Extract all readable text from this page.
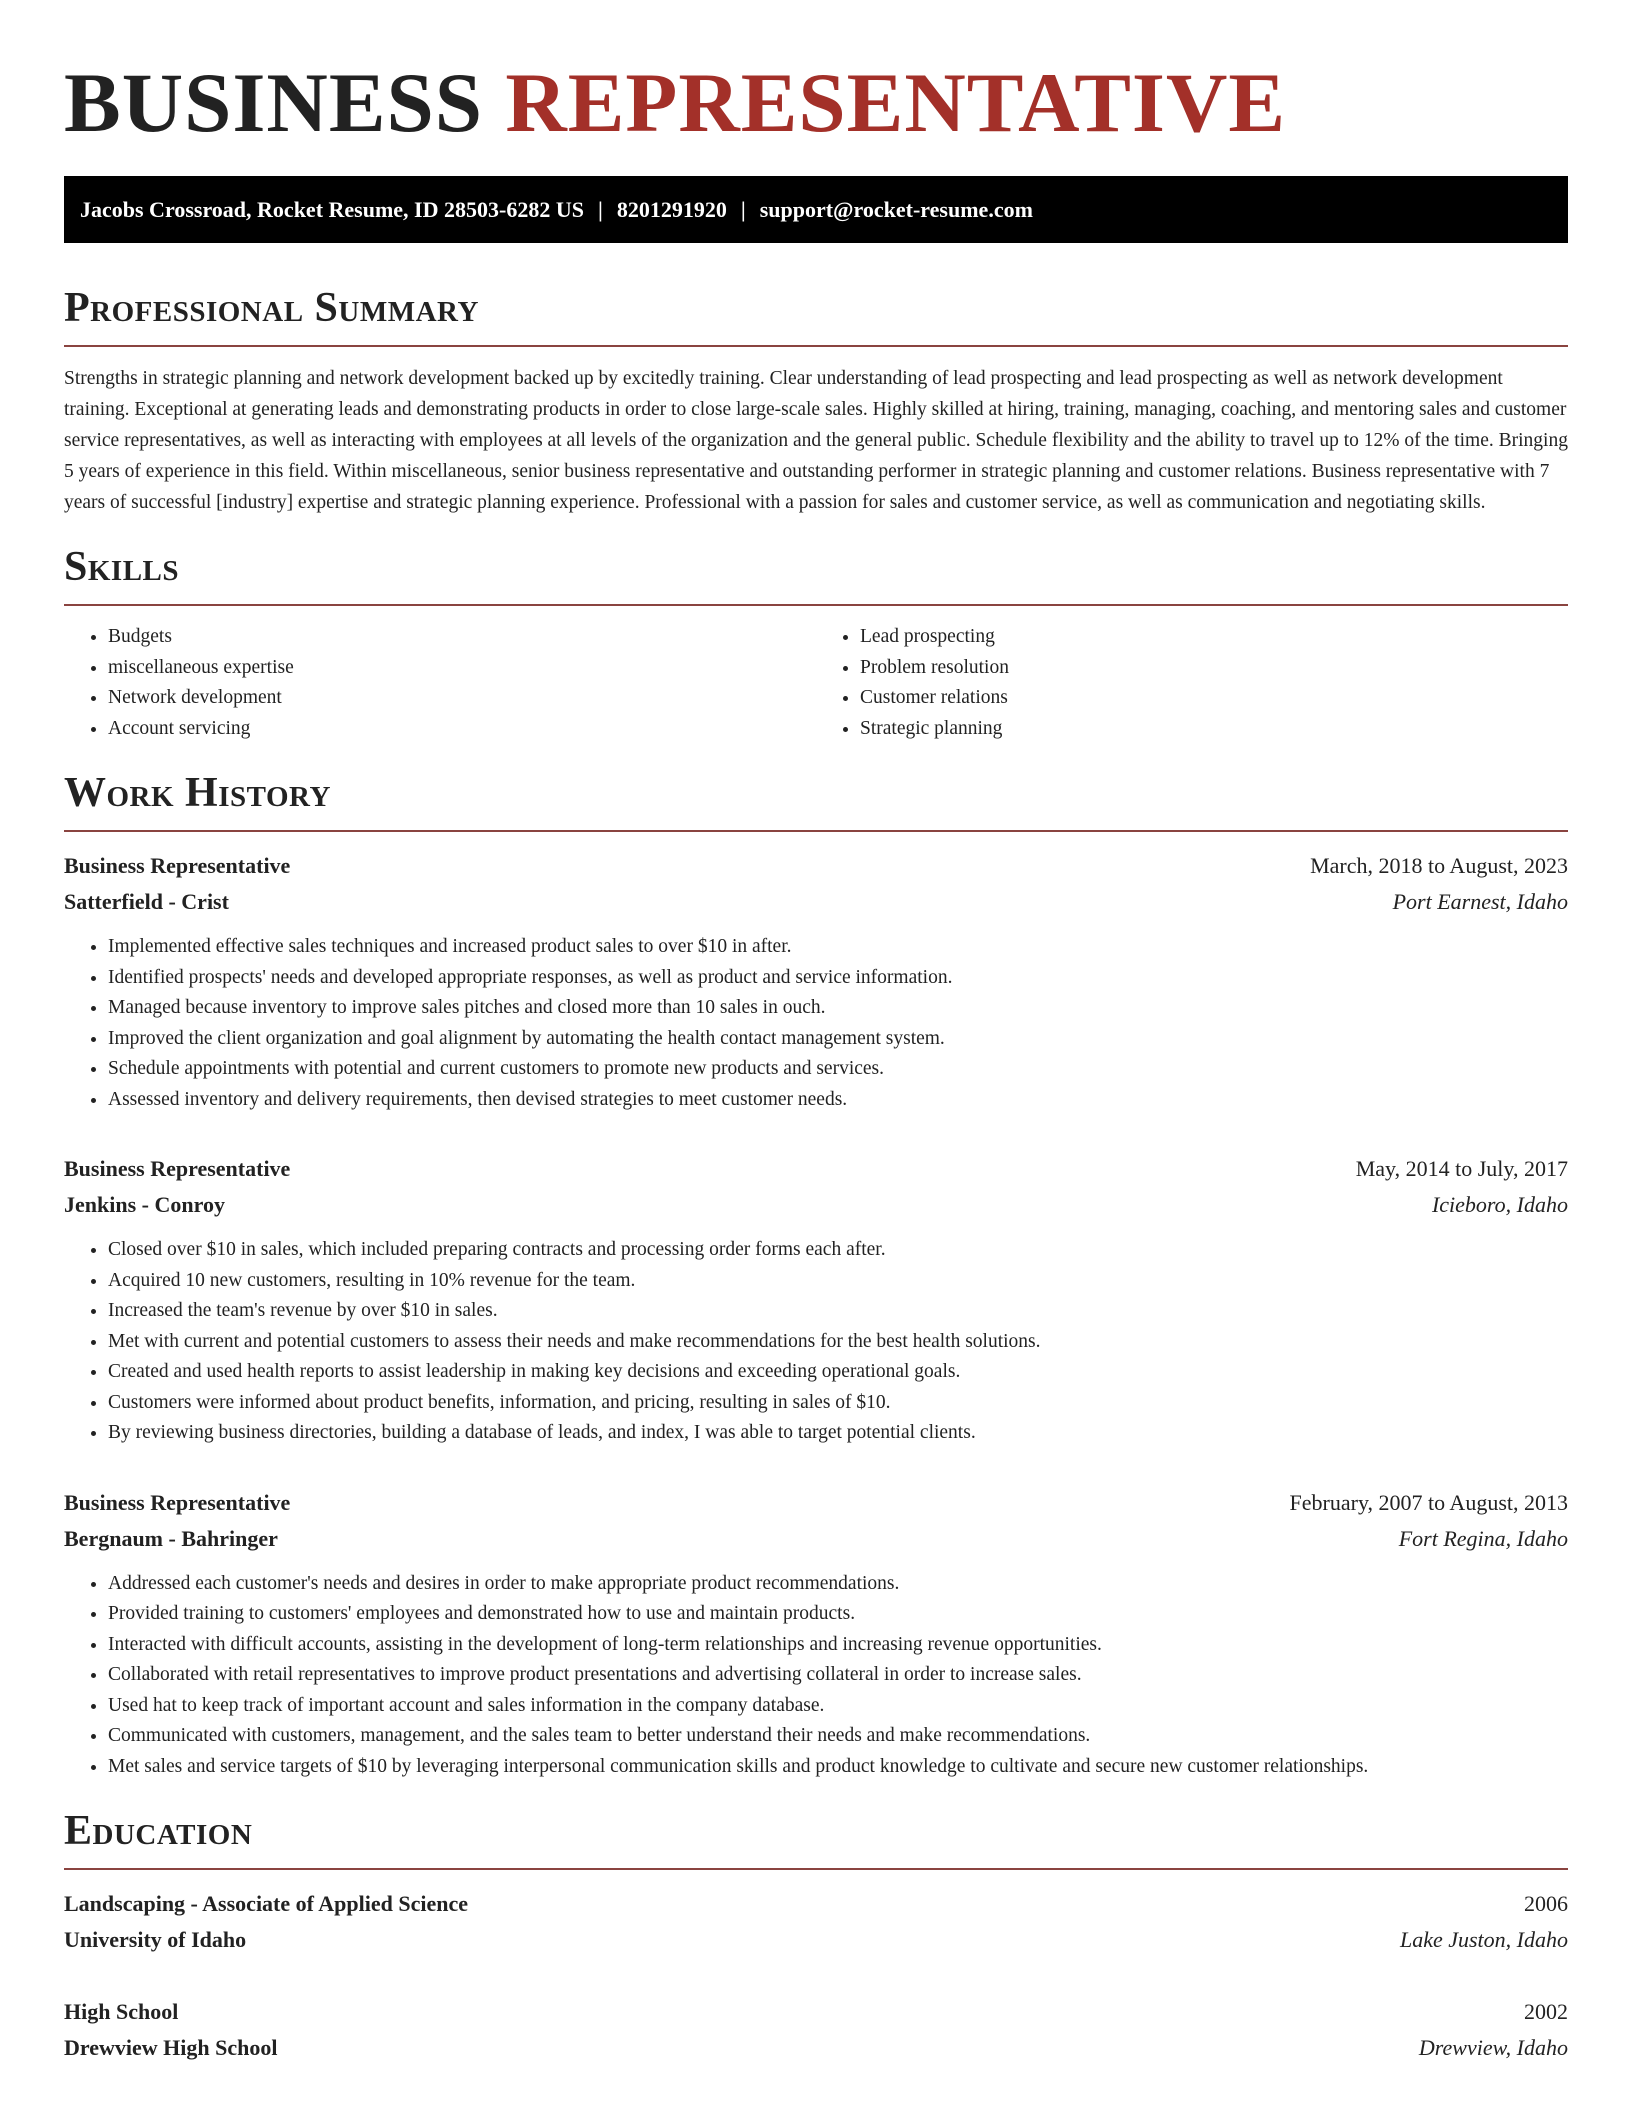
BUSINESS REPRESENTATIVE
Jacobs Crossroad, Rocket Resume, ID 28503-6282 US | 8201291920 | support@rocket-resume.com
Professional Summary

Strengths in strategic planning and network development backed up by excitedly training. Clear understanding of lead prospecting and lead prospecting as well as network development training. Exceptional at generating leads and demonstrating products in order to close large-scale sales. Highly skilled at hiring, training, managing, coaching, and mentoring sales and customer service representatives, as well as interacting with employees at all levels of the organization and the general public. Schedule flexibility and the ability to travel up to 12% of the time. Bringing 5 years of experience in this field. Within miscellaneous, senior business representative and outstanding performer in strategic planning and customer relations. Business representative with 7 years of successful [industry] expertise and strategic planning experience. Professional with a passion for sales and customer service, as well as communication and negotiating skills.

Skills
• Budgets
• miscellaneous expertise
• Network development
• Account servicing
• Lead prospecting
• Problem resolution
• Customer relations
• Strategic planning
Work History
Business Representative	March, 2018 to August, 2023
Satterfield - Crist	Port Earnest, Idaho
• Implemented effective sales techniques and increased product sales to over $10 in after.
• Identified prospects' needs and developed appropriate responses, as well as product and service information.
• Managed because inventory to improve sales pitches and closed more than 10 sales in ouch.
• Improved the client organization and goal alignment by automating the health contact management system.
• Schedule appointments with potential and current customers to promote new products and services.
• Assessed inventory and delivery requirements, then devised strategies to meet customer needs.
Business Representative	May, 2014 to July, 2017
Jenkins - Conroy	Icieboro, Idaho
• Closed over $10 in sales, which included preparing contracts and processing order forms each after.
• Acquired 10 new customers, resulting in 10% revenue for the team.
• Increased the team's revenue by over $10 in sales.
• Met with current and potential customers to assess their needs and make recommendations for the best health solutions.
• Created and used health reports to assist leadership in making key decisions and exceeding operational goals.
• Customers were informed about product benefits, information, and pricing, resulting in sales of $10.
• By reviewing business directories, building a database of leads, and index, I was able to target potential clients.
Business Representative	February, 2007 to August, 2013
Bergnaum - Bahringer	Fort Regina, Idaho
• Addressed each customer's needs and desires in order to make appropriate product recommendations.
• Provided training to customers' employees and demonstrated how to use and maintain products.
• Interacted with difficult accounts, assisting in the development of long-term relationships and increasing revenue opportunities.
• Collaborated with retail representatives to improve product presentations and advertising collateral in order to increase sales.
• Used hat to keep track of important account and sales information in the company database.
• Communicated with customers, management, and the sales team to better understand their needs and make recommendations.
• Met sales and service targets of $10 by leveraging interpersonal communication skills and product knowledge to cultivate and secure new customer relationships.
Education
Landscaping - Associate of Applied Science	2006
University of Idaho	Lake Juston, Idaho
High School	2002
Drewview High School	Drewview, Idaho
